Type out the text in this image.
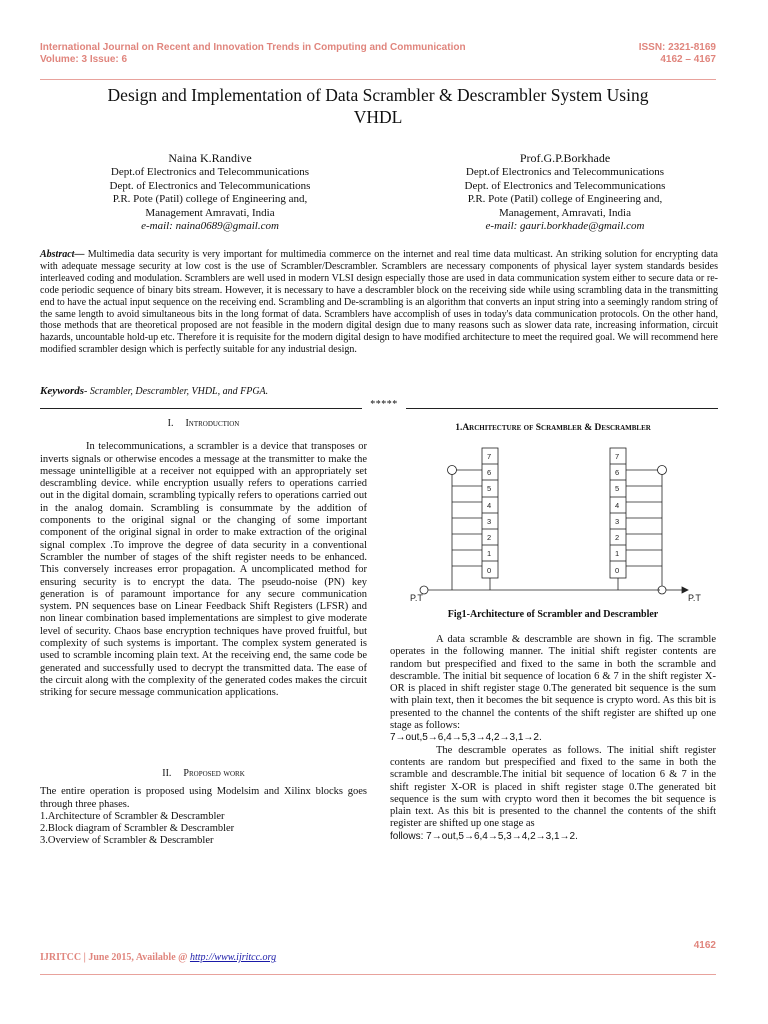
International Journal on Recent and Innovation Trends in Computing and Communication
Volume: 3 Issue: 6
ISSN: 2321-8169
4162 – 4167
Design and Implementation of Data Scrambler & Descrambler System Using
VHDL
Naina K.Randive
Dept.of Electronics and Telecommunications
Dept. of Electronics and Telecommunications
P.R. Pote (Patil) college of Engineering and,
Management Amravati, India
e-mail: naina0689@gmail.com
Prof.G.P.Borkhade
Dept.of Electronics and Telecommunications
Dept. of Electronics and Telecommunications
P.R. Pote (Patil) college of Engineering and,
Management, Amravati, India
e-mail: gauri.borkhade@gmail.com
Abstract— Multimedia data security is very important for multimedia commerce on the internet and real time data multicast. An striking solution for encrypting data with adequate message security at low cost is the use of Scrambler/Descrambler. Scramblers are necessary components of physical layer system standards besides interleaved coding and modulation. Scramblers are well used in modern VLSI design especially those are used in data communication system either to secure data or re-code periodic sequence of binary bits stream. However, it is necessary to have a descrambler block on the receiving side while using scrambling data in the transmitting end to have the actual input sequence on the receiving end. Scrambling and De-scrambling is an algorithm that converts an input string into a seemingly random string of the same length to avoid simultaneous bits in the long format of data. Scramblers have accomplish of uses in today's data communication protocols. On the other hand, those methods that are theoretical proposed are not feasible in the modern digital design due to many reasons such as slower data rate, increasing information, circuit hazards, uncountable hold-up etc. Therefore it is requisite for the modern digital design to have modified architecture to meet the required goal. We will recommend here modified scrambler design which is perfectly suitable for any industrial design.
Keywords- Scrambler, Descrambler, VHDL, and FPGA.
*****
I. Introduction
In telecommunications, a scrambler is a device that transposes or inverts signals or otherwise encodes a message at the transmitter to make the message unintelligible at a receiver not equipped with an appropriately set descrambling device. while encryption usually refers to operations carried out in the digital domain, scrambling typically refers to operations carried out in the analog domain. Scrambling is consummate by the addition of components to the original signal or the changing of some important component of the original signal in order to make extraction of the original signal complex .To improve the degree of data security in a conventional Scrambler the number of stages of the shift register needs to be enhanced. This conversely increases error propagation. A uncomplicated method for ensuring security is to encrypt the data. The pseudo-noise (PN) key generation is of paramount importance for any secure communication system. PN sequences base on Linear Feedback Shift Registers (LFSR) and non linear combination based implementations are simplest to give moderate level of security. Chaos base encryption techniques have proved fruitful, but complexity of such systems is important. The complex system generated is used to scramble incoming plain text. At the receiving end, the same code be generated and successfully used to decrypt the transmitted data. The ease of the circuit along with the complexity of the generated codes makes the circuit striking for secure message communication applications.
II. Proposed work
The entire operation is proposed using Modelsim and Xilinx blocks goes through three phases.
1.Architecture of Scrambler & Descrambler
2.Block diagram of Scrambler & Descrambler
3.Overview of Scrambler & Descrambler
1.Architecture of Scrambler & Descrambler
7
6
5
4
3
2
1
0
7
6
5
4
3
2
1
0
P.T	P.T
Fig1-Architecture of Scrambler and Descrambler
A data scramble & descramble are shown in fig. The scramble operates in the following manner. The initial shift register contents are random but prespecified and fixed to the same in both the scramble and descramble. The initial bit sequence of location 6 & 7 in the shift register X-OR is placed in shift register stage 0.The generated bit sequence is the sum with plain text, then it becomes the bit sequence is crypto word. As this bit is presented to the channel the contents of the shift register are shifted up one stage as follows:
7→out,5→6,4→5,3→4,2→3,1→2.
The descramble operates as follows. The initial shift register contents are random but prespecified and fixed to the same in both the scramble and descramble.The initial bit sequence of location 6 & 7 in the shift register X-OR is placed in shift register stage 0.The generated bit sequence is the sum with crypto word then it becomes the bit sequence is plain text. As this bit is presented to the channel the contents of the shift register are shifted up one stage as
follows: 7→out,5→6,4→5,3→4,2→3,1→2.
4162
IJRITCC | June 2015, Available @ http://www.ijritcc.org
